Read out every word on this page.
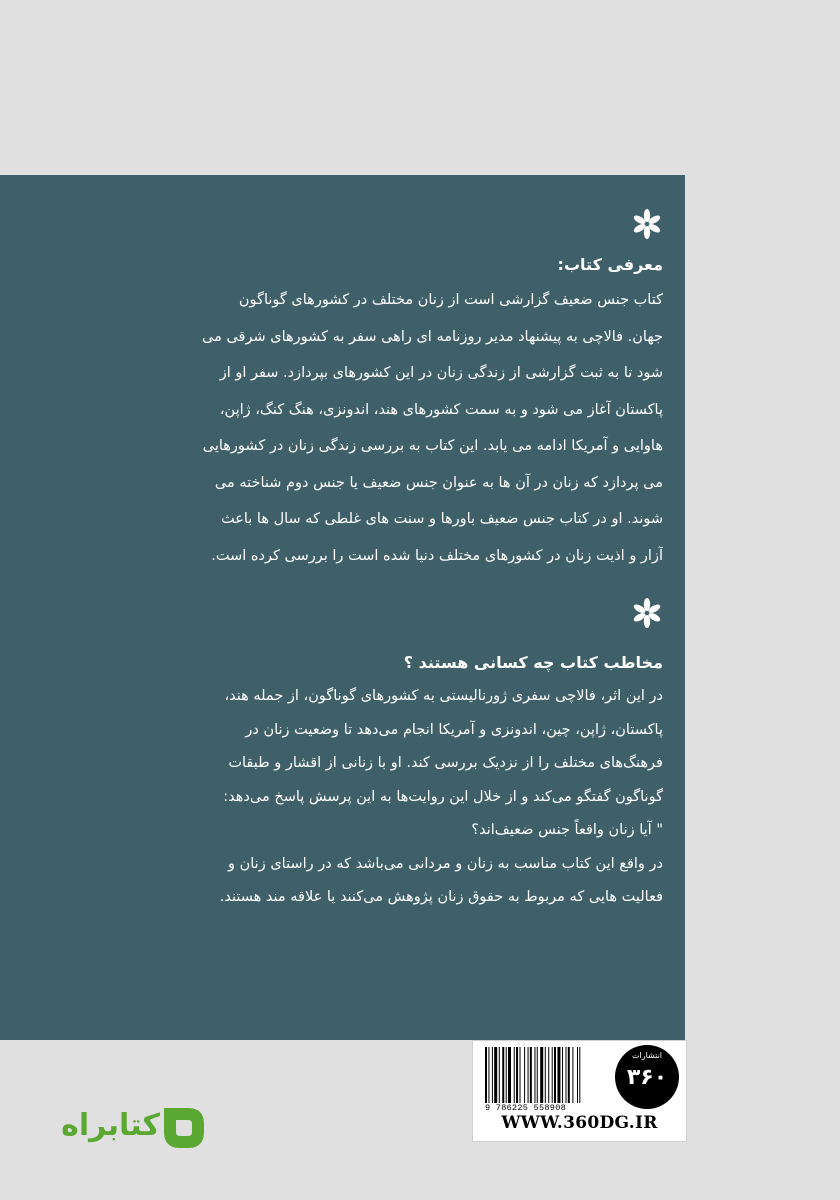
معرفی کتاب:
کتاب جنس ضعیف گزارشی است از زنان مختلف در کشورهای گوناگون
جهان. فالاچی به پیشنهاد مدیر روزنامه ای راهی سفر به کشورهای شرقی می
شود تا به ثبت گزارشی از زندگی زنان در این کشورهای بپردازد. سفر او از
پاکستان آغاز می شود و به سمت کشورهای هند، اندونزی، هنگ کنگ، ژاپن،
هاوایی و آمریکا ادامه می یابد. این کتاب به بررسی زندگی زنان در کشورهایی
می پردازد که زنان در آن ها به عنوان جنس ضعیف یا جنس دوم شناخته می
شوند. او در کتاب جنس ضعیف باورها و سنت های غلطی که سال ها باعث
آزار و اذیت زنان در کشورهای مختلف دنیا شده است را بررسی کرده است.
مخاطب کتاب چه کسانی هستند ؟
در این اثر، فالاچی سفری ژورنالیستی به کشورهای گوناگون، از جمله هند،
پاکستان، ژاپن، چین، اندونزی و آمریکا انجام می‌دهد تا وضعیت زنان در
فرهنگ‌های مختلف را از نزدیک بررسی کند. او با زنانی از اقشار و طبقات
گوناگون گفتگو می‌کند و از خلال این روایت‌ها به این پرسش پاسخ می‌دهد:
" آیا زنان واقعاً جنس ضعیف‌اند؟
در واقع این کتاب مناسب به زنان و مردانی می‌باشد که در راستای زنان و
فعالیت هایی که مربوط به حقوق زنان پژوهش می‌کنند یا علاقه مند هستند.
9 786225 558908
انتشارات
۳۶۰
WWW.360DG.IR
کتابراه
